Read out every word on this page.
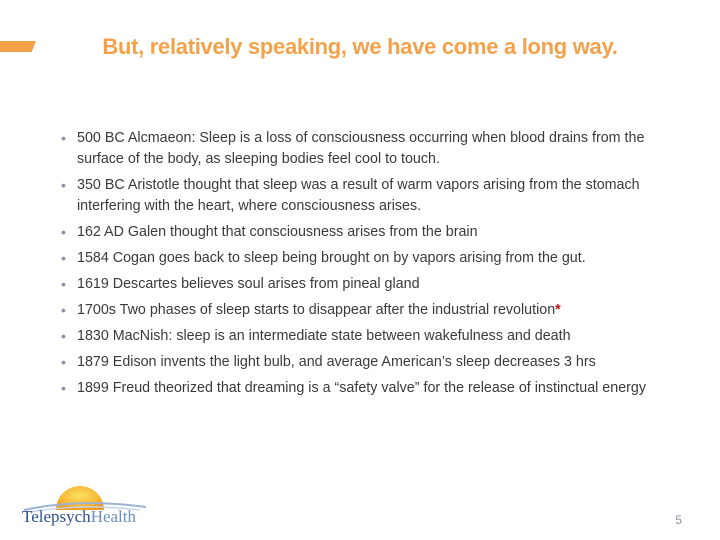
But, relatively speaking, we have come a long way.
• 500 BC Alcmaeon: Sleep is a loss of consciousness occurring when blood drains from the surface of the body, as sleeping bodies feel cool to touch.
• 350 BC Aristotle thought that sleep was a result of warm vapors arising from the stomach interfering with the heart, where consciousness arises.
• 162 AD Galen thought that consciousness arises from the brain
• 1584 Cogan goes back to sleep being brought on by vapors arising from the gut.
• 1619 Descartes believes soul arises from pineal gland
• 1700s Two phases of sleep starts to disappear after the industrial revolution*
• 1830 MacNish: sleep is an intermediate state between wakefulness and death
• 1879 Edison invents the light bulb, and average American’s sleep decreases 3 hrs
• 1899 Freud theorized that dreaming is a “safety valve” for the release of instinctual energy
TelepsychHealth	5
